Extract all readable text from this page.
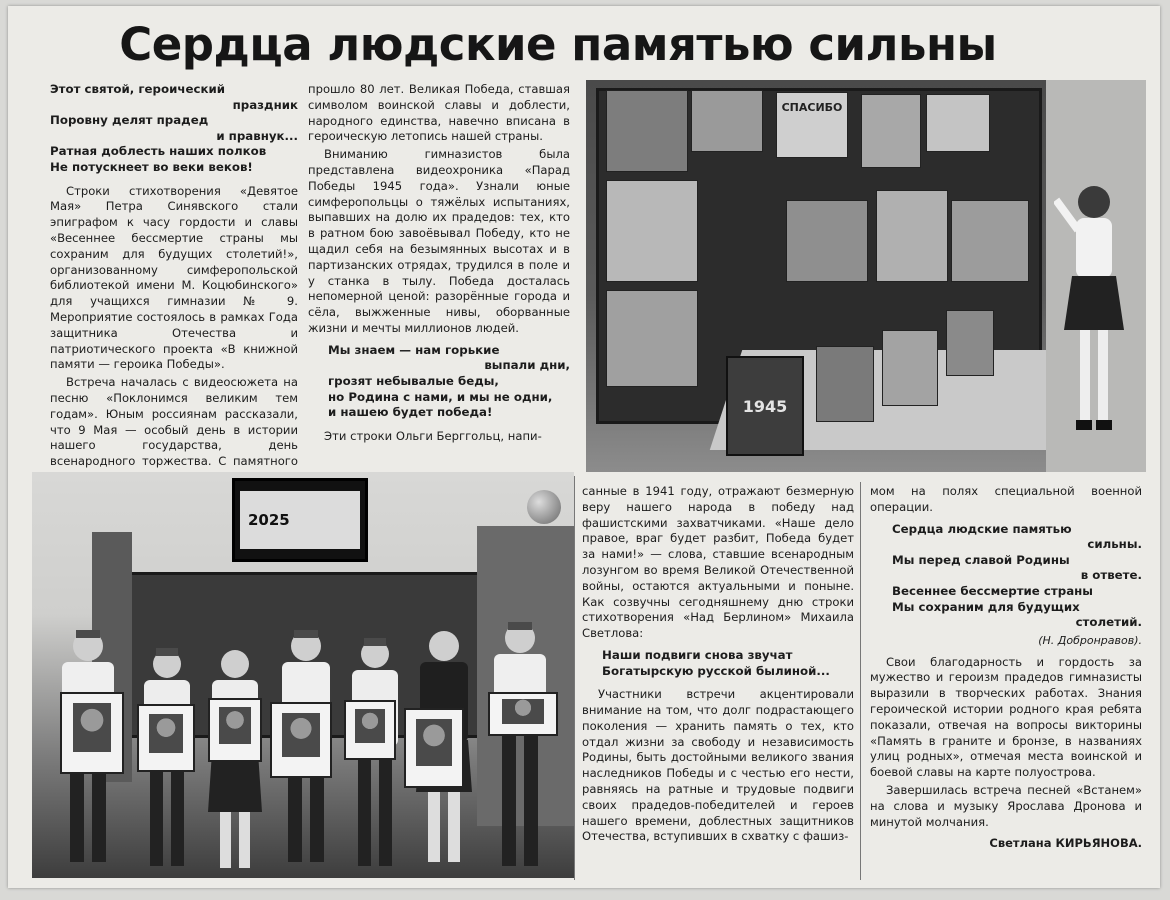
Сердца людские памятью сильны
Этот святой, героический
праздник
Поровну делят прадед
и правнук...
Ратная доблесть наших полков
Не потускнеет во веки веков!

Строки стихотворения «Девятое Мая» Петра Синявского стали эпиграфом к часу гордости и славы «Весеннее бессмертие страны мы сохраним для будущих столетий!», организованному симферопольской библиотекой имени М. Коцюбинского» для учащихся гимназии № 9. Мероприятие состоялось в рамках Года защитника Отечества и патриотического проекта «В книжной памяти — героика Победы».

Встреча началась с видеосюжета на песню «Поклонимся великим тем годам». Юным россиянам рассказали, что 9 Мая — особый день в истории нашего государства, день всенародного торжества. С памятного

прошло 80 лет. Великая Победа, ставшая символом воинской славы и доблести, народного единства, навечно вписана в героическую летопись нашей страны.

Вниманию гимназистов была представлена видеохроника «Парад Победы 1945 года». Узнали юные симферопольцы о тяжёлых испытаниях, выпавших на долю их прадедов: тех, кто в ратном бою завоёвывал Победу, кто не щадил себя на безымянных высотах и в партизанских отрядах, трудился в поле и у станка в тылу. Победа досталась непомерной ценой: разорённые города и сёла, выжженные нивы, оборванные жизни и мечты миллионов людей.

Мы знаем — нам горькие
выпали дни,
грозят небывалые беды,
но Родина с нами, и мы не одни,
и нашею будет победа!

Эти строки Ольги Берггольц, напи-

СПАСИБО
1945
2025

санные в 1941 году, отражают безмерную веру нашего народа в победу над фашистскими захватчиками. «Наше дело правое, враг будет разбит, Победа будет за нами!» — слова, ставшие всенародным лозунгом во время Великой Отечественной войны, остаются актуальными и поныне. Как созвучны сегодняшнему дню строки стихотворения «Над Берлином» Михаила Светлова:

Наши подвиги снова звучат
Богатырскую русской былиной...

Участники встречи акцентировали внимание на том, что долг подрастающего поколения — хранить память о тех, кто отдал жизни за свободу и независимость Родины, быть достойными великого звания наследников Победы и с честью его нести, равняясь на ратные и трудовые подвиги своих прадедов-победителей и героев нашего времени, доблестных защитников Отечества, вступивших в схватку с фашиз-

мом на полях специальной военной операции.

Сердца людские памятью
сильны.
Мы перед славой Родины
в ответе.
Весеннее бессмертие страны
Мы сохраним для будущих
столетий.
(Н. Добронравов).

Свои благодарность и гордость за мужество и героизм прадедов гимназисты выразили в творческих работах. Знания героической истории родного края ребята показали, отвечая на вопросы викторины «Память в граните и бронзе, в названиях улиц родных», отмечая места воинской и боевой славы на карте полуострова.

Завершилась встреча песней «Встанем» на слова и музыку Ярослава Дронова и минутой молчания.

Светлана КИРЬЯНОВА.
